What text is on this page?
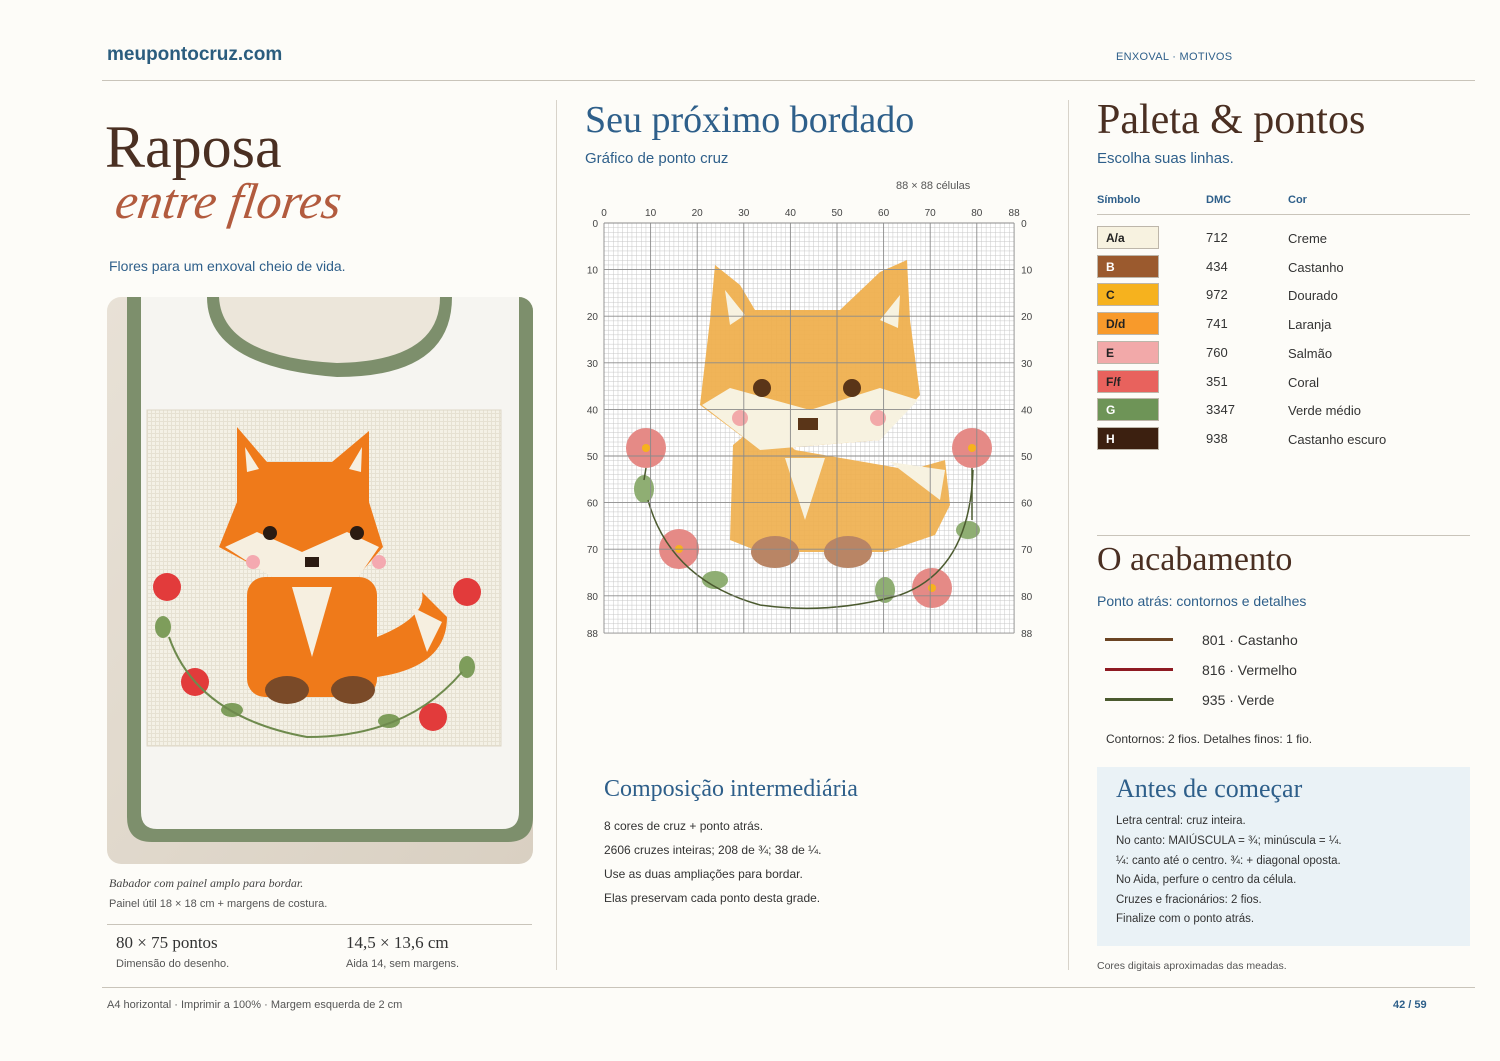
meupontocruz.com	ENXOVAL · MOTIVOS
Raposa
entre flores
Flores para um enxoval cheio de vida.
Babador com painel amplo para bordar.
Painel útil 18 × 18 cm + margens de costura.
80 × 75 pontos
Dimensão do desenho.
14,5 × 13,6 cm
Aida 14, sem margens.
Seu próximo bordado
Gráfico de ponto cruz
88 × 88 células
0	10	20	30	40	50	60	70	80	88
0	0
10	10
20	20
30	30
40	40
50	50
60	60
70	70
80	80
88	88
Composição intermediária
8 cores de cruz + ponto atrás.
2606 cruzes inteiras; 208 de ¾; 38 de ¼.
Use as duas ampliações para bordar.
Elas preservam cada ponto desta grade.
Paleta & pontos
Escolha suas linhas.
Símbolo	DMC	Cor
A/a	712	Creme
B	434	Castanho
C	972	Dourado
D/d	741	Laranja
E	760	Salmão
F/f	351	Coral
G	3347	Verde médio
H	938	Castanho escuro
O acabamento
Ponto atrás: contornos e detalhes
801 · Castanho
816 · Vermelho
935 · Verde
Contornos: 2 fios. Detalhes finos: 1 fio.
Antes de começar
Letra central: cruz inteira.
No canto: MAIÚSCULA = ¾; minúscula = ¼.
¼: canto até o centro. ¾: + diagonal oposta.
No Aida, perfure o centro da célula.
Cruzes e fracionários: 2 fios.
Finalize com o ponto atrás.
Cores digitais aproximadas das meadas.
A4 horizontal · Imprimir a 100% · Margem esquerda de 2 cm	42 / 59
